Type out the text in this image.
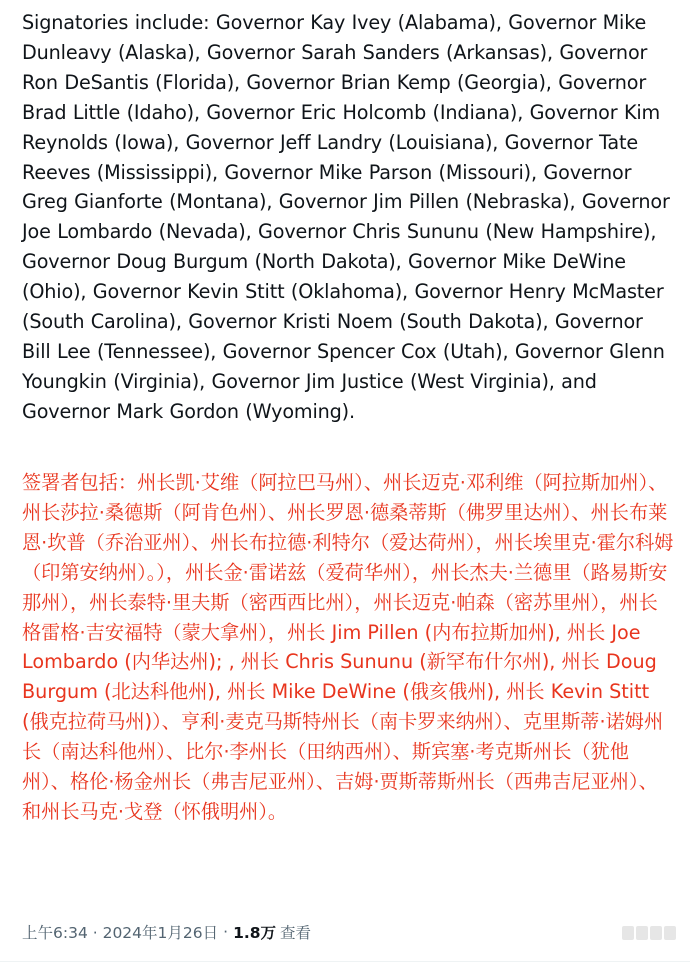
Signatories include: Governor Kay Ivey (Alabama), Governor Mike Dunleavy (Alaska), Governor Sarah Sanders (Arkansas), Governor Ron DeSantis (Florida), Governor Brian Kemp (Georgia), Governor Brad Little (Idaho), Governor Eric Holcomb (Indiana), Governor Kim Reynolds (Iowa), Governor Jeff Landry (Louisiana), Governor Tate Reeves (Mississippi), Governor Mike Parson (Missouri), Governor Greg Gianforte (Montana), Governor Jim Pillen (Nebraska), Governor Joe Lombardo (Nevada), Governor Chris Sununu (New Hampshire), Governor Doug Burgum (North Dakota), Governor Mike DeWine (Ohio), Governor Kevin Stitt (Oklahoma), Governor Henry McMaster (South Carolina), Governor Kristi Noem (South Dakota), Governor Bill Lee (Tennessee), Governor Spencer Cox (Utah), Governor Glenn Youngkin (Virginia), Governor Jim Justice (West Virginia), and Governor Mark Gordon (Wyoming).

签署者包括：州长凯·艾维（阿拉巴马州）、州长迈克·邓利维（阿拉斯加州）、州长莎拉·桑德斯（阿肯色州）、州长罗恩·德桑蒂斯（佛罗里达州）、州长布莱恩·坎普（乔治亚州）、州长布拉德·利特尔（爱达荷州），州长埃里克·霍尔科姆（印第安纳州）。），州长金·雷诺兹（爱荷华州），州长杰夫·兰德里（路易斯安那州），州长泰特·里夫斯（密西西比州），州长迈克·帕森（密苏里州），州长格雷格·吉安福特（蒙大拿州），州长 Jim Pillen (内布拉斯加州), 州长 Joe Lombardo (内华达州); , 州长 Chris Sununu (新罕布什尔州), 州长 Doug Burgum (北达科他州), 州长 Mike DeWine (俄亥俄州), 州长 Kevin Stitt (俄克拉荷马州)）、亨利·麦克马斯特州长（南卡罗来纳州）、克里斯蒂·诺姆州长（南达科他州）、比尔·李州长（田纳西州）、斯宾塞·考克斯州长（犹他州）、格伦·杨金州长（弗吉尼亚州）、吉姆·贾斯蒂斯州长（西弗吉尼亚州）、和州长马克·戈登（怀俄明州）。

上午6:34 · 2024年1月26日 · 1.8万 查看
